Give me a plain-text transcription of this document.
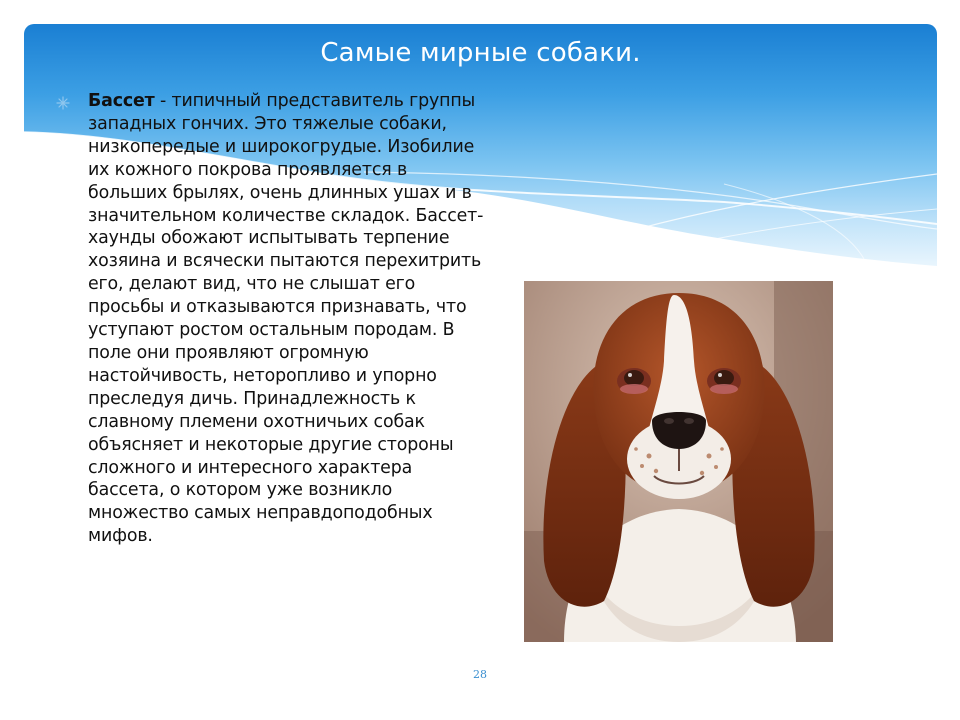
Самые мирные собаки.

Бассет - типичный представитель группы западных гончих. Это тяжелые собаки, низкопередые и широкогрудые. Изобилие их кожного покрова проявляется в больших брылях, очень длинных ушах и в значительном количестве складок. Бассет-хаунды обожают испытывать терпение хозяина и всячески пытаются перехитрить его, делают вид, что не слышат его просьбы и отказываются признавать, что уступают ростом остальным породам. В поле они проявляют огромную настойчивость, неторопливо и упорно преследуя дичь. Принадлежность к славному племени охотничьих собак объясняет и некоторые другие стороны сложного и интересного характера бассета, о котором уже возникло множество самых неправдоподобных мифов.

28
